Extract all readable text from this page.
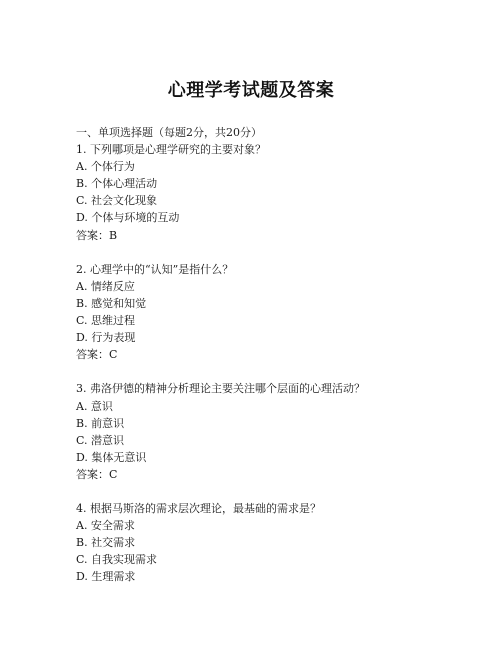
心理学考试题及答案
一、单项选择题（每题2分，共20分）
1. 下列哪项是心理学研究的主要对象？
A. 个体行为
B. 个体心理活动
C. 社会文化现象
D. 个体与环境的互动
答案：B
2. 心理学中的“认知”是指什么？
A. 情绪反应
B. 感觉和知觉
C. 思维过程
D. 行为表现
答案：C
3. 弗洛伊德的精神分析理论主要关注哪个层面的心理活动？
A. 意识
B. 前意识
C. 潜意识
D. 集体无意识
答案：C
4. 根据马斯洛的需求层次理论，最基础的需求是？
A. 安全需求
B. 社交需求
C. 自我实现需求
D. 生理需求
